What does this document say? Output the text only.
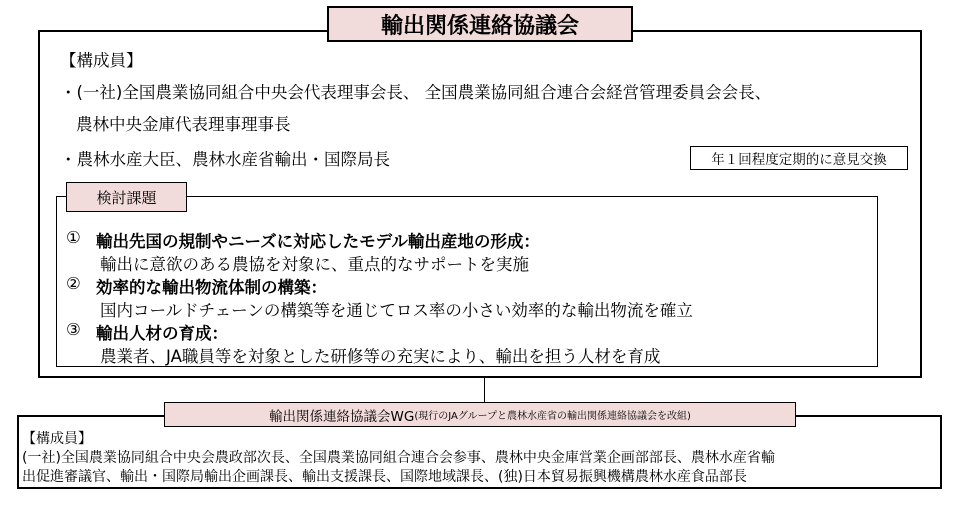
輸出関係連絡協議会
【構成員】
・(一社)全国農業協同組合中央会代表理事会長、 全国農業協同組合連合会経営管理委員会会長、
農林中央金庫代表理事理事長
・農林水産大臣、農林水産省輸出・国際局長	年１回程度定期的に意見交換
検討課題
① 輸出先国の規制やニーズに対応したモデル輸出産地の形成：
輸出に意欲のある農協を対象に、重点的なサポートを実施
② 効率的な輸出物流体制の構築：
国内コールドチェーンの構築等を通じてロス率の小さい効率的な輸出物流を確立
③ 輸出人材の育成：
農業者、JA職員等を対象とした研修等の充実により、輸出を担う人材を育成
輸出関係連絡協議会WG (現行のJAグループと農林水産省の輸出関係連絡協議会を改組)
【構成員】
(一社)全国農業協同組合中央会農政部次長、全国農業協同組合連合会参事、農林中央金庫営業企画部部長、農林水産省輸
出促進審議官、輸出・国際局輸出企画課長、輸出支援課長、国際地域課長、(独)日本貿易振興機構農林水産食品部長
